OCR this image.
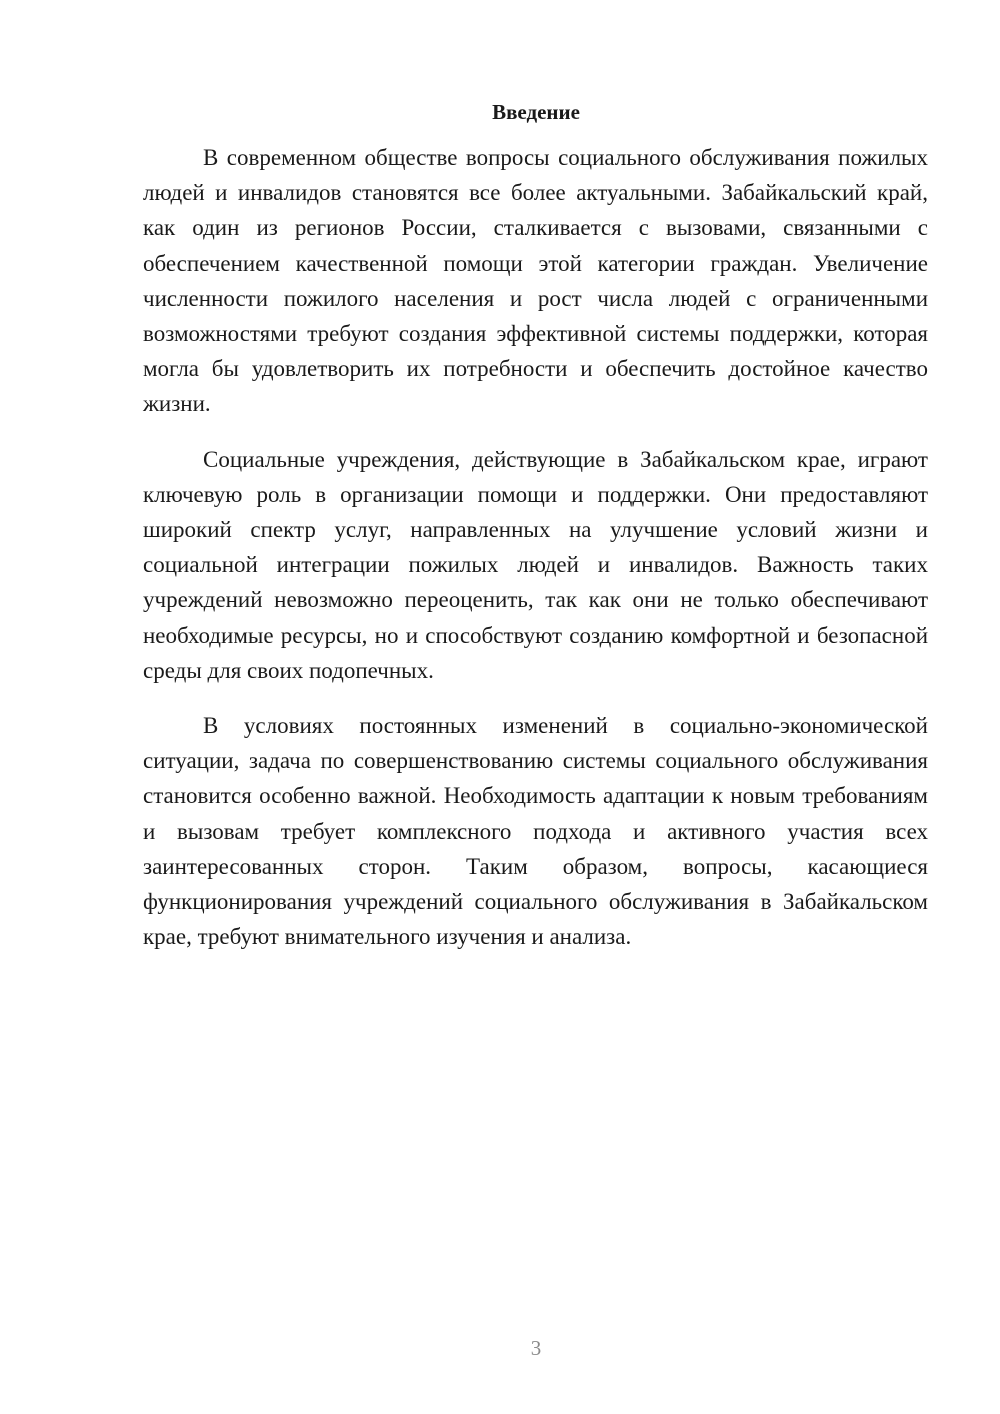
Введение

В современном обществе вопросы социального обслуживания пожилых людей и инвалидов становятся все более актуальными. Забайкальский край, как один из регионов России, сталкивается с вызовами, связанными с обеспечением качественной помощи этой категории граждан. Увеличение численности пожилого населения и рост числа людей с ограниченными возможностями требуют создания эффективной системы поддержки, которая могла бы удовлетворить их потребности и обеспечить достойное качество жизни.

Социальные учреждения, действующие в Забайкальском крае, играют ключевую роль в организации помощи и поддержки. Они предоставляют широкий спектр услуг, направленных на улучшение условий жизни и социальной интеграции пожилых людей и инвалидов. Важность таких учреждений невозможно переоценить, так как они не только обеспечивают необходимые ресурсы, но и способствуют созданию комфортной и безопасной среды для своих подопечных.

В условиях постоянных изменений в социально-экономической ситуации, задача по совершенствованию системы социального обслуживания становится особенно важной. Необходимость адаптации к новым требованиям и вызовам требует комплексного подхода и активного участия всех заинтересованных сторон. Таким образом, вопросы, касающиеся функционирования учреждений социального обслуживания в Забайкальском крае, требуют внимательного изучения и анализа.

3
